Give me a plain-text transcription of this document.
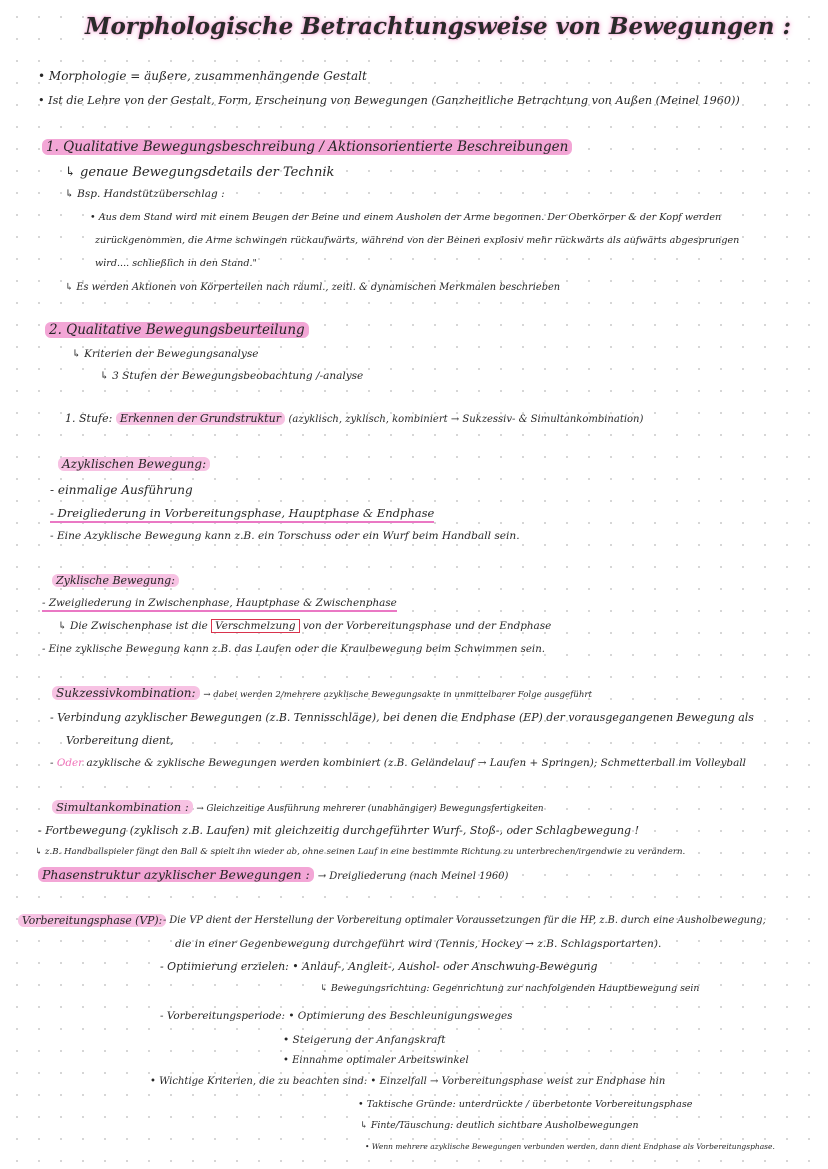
Morphologische Betrachtungsweise von Bewegungen :
• Morphologie = äußere, zusammenhängende Gestalt
• Ist die Lehre von der Gestalt, Form, Erscheinung von Bewegungen (Ganzheitliche Betrachtung von Außen (Meinel 1960))
1. Qualitative Bewegungsbeschreibung / Aktionsorientierte Beschreibungen
↳ genaue Bewegungsdetails der Technik
↳ Bsp. Handstützüberschlag :
• Aus dem Stand wird mit einem Beugen der Beine und einem Ausholen der Arme begonnen. Der Oberkörper & der Kopf werden
zurückgenommen, die Arme schwingen rückaufwärts, während von der Beinen explosiv mehr rückwärts als aufwärts abgesprungen
wird.... schließlich in den Stand."
↳ Es werden Aktionen von Körperteilen nach räuml., zeitl. & dynamischen Merkmalen beschrieben
2. Qualitative Bewegungsbeurteilung
↳ Kriterien der Bewegungsanalyse
↳ 3 Stufen der Bewegungsbeobachtung /-analyse
1. Stufe: Erkennen der Grundstruktur (azyklisch, zyklisch, kombiniert → Sukzessiv- & Simultankombination)
Azyklischen Bewegung:
- einmalige Ausführung
- Dreigliederung in Vorbereitungsphase, Hauptphase & Endphase
- Eine Azyklische Bewegung kann z.B. ein Torschuss oder ein Wurf beim Handball sein.
Zyklische Bewegung:
- Zweigliederung in Zwischenphase, Hauptphase & Zwischenphase
↳ Die Zwischenphase ist die Verschmelzung von der Vorbereitungsphase und der Endphase
- Eine zyklische Bewegung kann z.B. das Laufen oder die Kraulbewegung beim Schwimmen sein.
Sukzessivkombination: → dabei werden 2/mehrere azyklische Bewegungsakte in unmittelbarer Folge ausgeführt
- Verbindung azyklischer Bewegungen (z.B. Tennisschläge), bei denen die Endphase (EP) der vorausgegangenen Bewegung als
Vorbereitung dient,
- Oder azyklische & zyklische Bewegungen werden kombiniert (z.B. Geländelauf → Laufen + Springen); Schmetterball im Volleyball
Simultankombination : → Gleichzeitige Ausführung mehrerer (unabhängiger) Bewegungsfertigkeiten
- Fortbewegung (zyklisch z.B. Laufen) mit gleichzeitig durchgeführter Wurf-, Stoß-, oder Schlagbewegung !
↳ z.B. Handballspieler fängt den Ball & spielt ihn wieder ab, ohne seinen Lauf in eine bestimmte Richtung zu unterbrechen/irgendwie zu verändern.
Phasenstruktur azyklischer Bewegungen : → Dreigliederung (nach Meinel 1960)
Vorbereitungsphase (VP): - Die VP dient der Herstellung der Vorbereitung optimaler Voraussetzungen für die HP, z.B. durch eine Ausholbewegung,
die in einer Gegenbewegung durchgeführt wird (Tennis, Hockey → z.B. Schlagsportarten).
- Optimierung erzielen: • Anlauf-, Angleit-, Aushol- oder Anschwung-Bewegung
↳ Bewegungsrichtung: Gegenrichtung zur nachfolgenden Hauptbewegung sein
- Vorbereitungsperiode: • Optimierung des Beschleunigungsweges
• Steigerung der Anfangskraft
• Einnahme optimaler Arbeitswinkel
• Wichtige Kriterien, die zu beachten sind: • Einzelfall → Vorbereitungsphase weist zur Endphase hin
• Taktische Gründe: unterdrückte / überbetonte Vorbereitungsphase
↳ Finte/Täuschung: deutlich sichtbare Ausholbewegungen
• Wenn mehrere azyklische Bewegungen verbunden werden, dann dient Endphase als Vorbereitungsphase.
